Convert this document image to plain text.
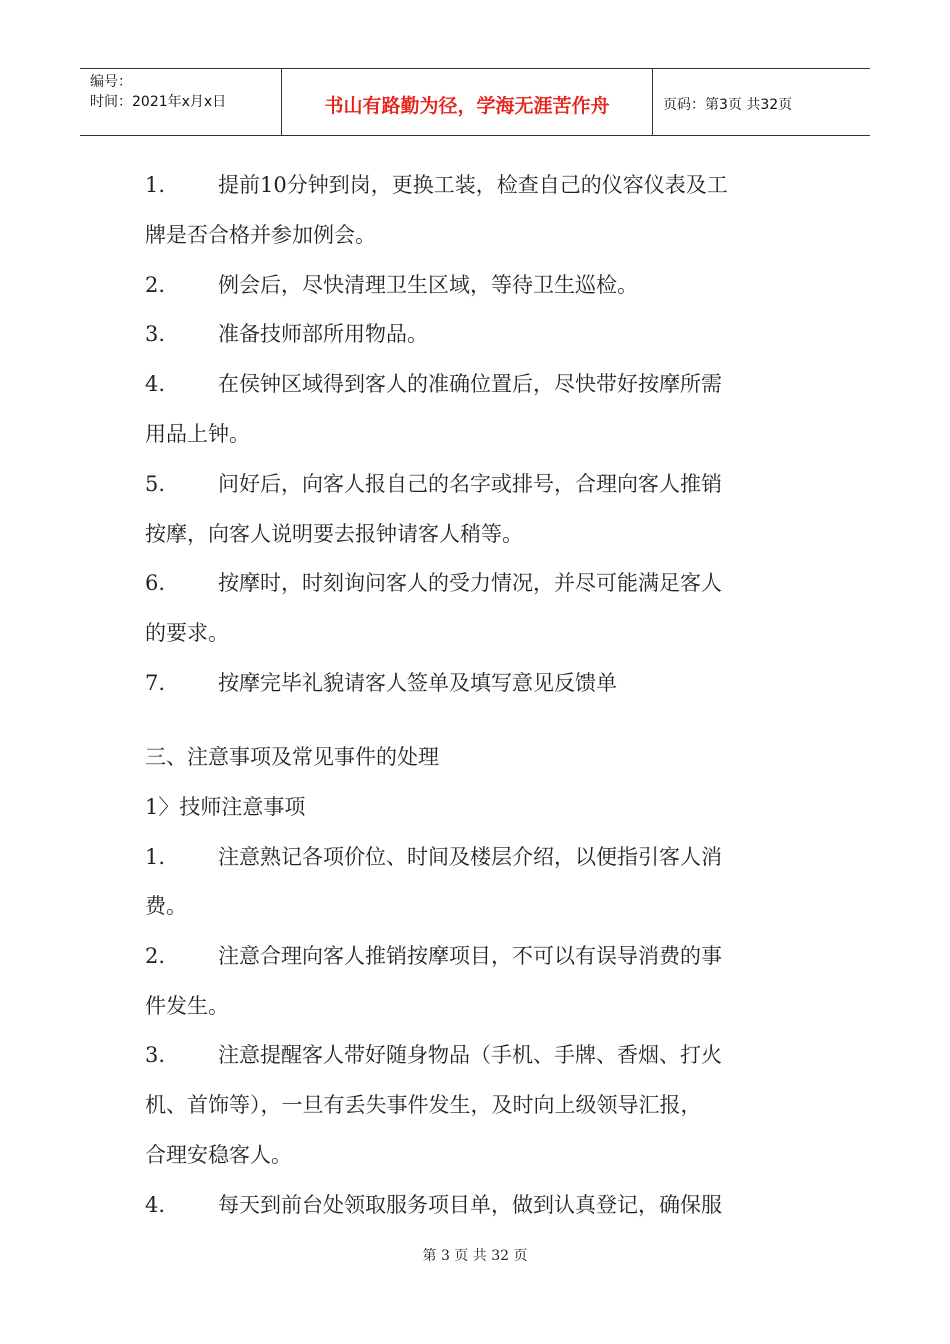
编号：
时间：2021年x月x日	书山有路勤为径，学海无涯苦作舟	页码：第3页 共32页
1.	提前10分钟到岗，更换工装，检查自己的仪容仪表及工
牌是否合格并参加例会。
2.	例会后，尽快清理卫生区域，等待卫生巡检。
3.	准备技师部所用物品。
4.	在侯钟区域得到客人的准确位置后，尽快带好按摩所需
用品上钟。
5.	问好后，向客人报自己的名字或排号，合理向客人推销
按摩，向客人说明要去报钟请客人稍等。
6.	按摩时，时刻询问客人的受力情况，并尽可能满足客人
的要求。
7.	按摩完毕礼貌请客人签单及填写意见反馈单
三、注意事项及常见事件的处理
1〉技师注意事项
1.	注意熟记各项价位、时间及楼层介绍，以便指引客人消
费。
2.	注意合理向客人推销按摩项目，不可以有误导消费的事
件发生。
3.	注意提醒客人带好随身物品（手机、手牌、香烟、打火
机、首饰等），一旦有丢失事件发生，及时向上级领导汇报，
合理安稳客人。
4.	每天到前台处领取服务项目单，做到认真登记，确保服
第 3 页 共 32 页
